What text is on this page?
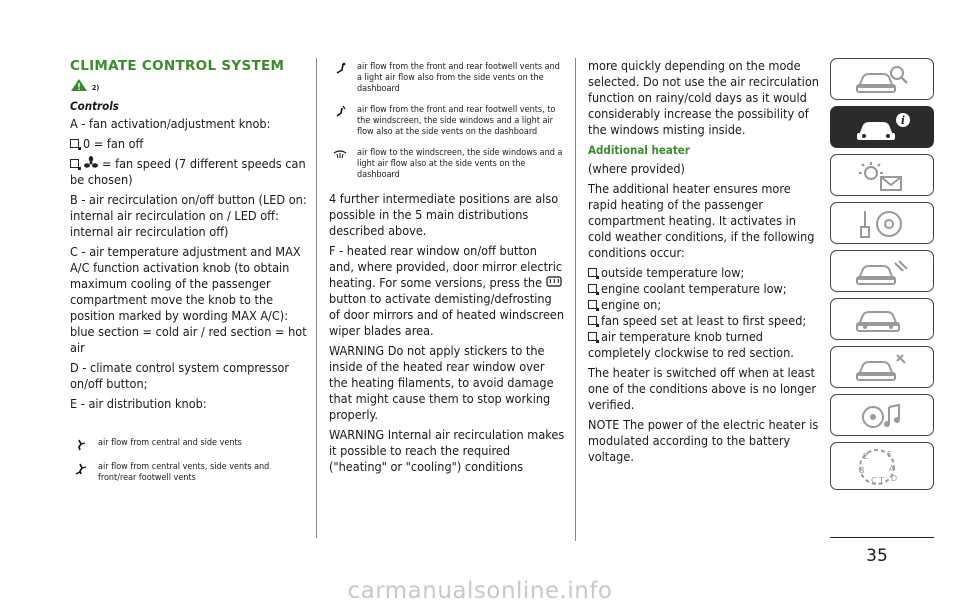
CLIMATE CONTROL SYSTEM
2)
Controls

A - fan activation/adjustment knob:

0 = fan off

= fan speed (7 different speeds can be chosen)

B - air recirculation on/off button (LED on: internal air recirculation on / LED off: internal air recirculation off)

C - air temperature adjustment and MAX A/C function activation knob (to obtain maximum cooling of the passenger compartment move the knob to the position marked by wording MAX A/C): blue section = cold air / red section = hot air

D - climate control system compressor on/off button;

E - air distribution knob:

air flow from central and side vents
air flow from central vents, side vents and front/rear footwell vents
air flow from the front and rear footwell vents and a light air flow also from the side vents on the dashboard
air flow from the front and rear footwell vents, to the windscreen, the side windows and a light air flow also at the side vents on the dashboard
air flow to the windscreen, the side windows and a light air flow also at the side vents on the dashboard

4 further intermediate positions are also possible in the 5 main distributions described above.

F - heated rear window on/off button and, where provided, door mirror electric heating. For some versions, press the  button to activate demisting/defrosting of door mirrors and of heated windscreen wiper blades area.

WARNING Do not apply stickers to the inside of the heated rear window over the heating filaments, to avoid damage that might cause them to stop working properly.

WARNING Internal air recirculation makes it possible to reach the required ("heating" or "cooling") conditions

more quickly depending on the mode selected. Do not use the air recirculation function on rainy/cold days as it would considerably increase the possibility of the windows misting inside.

Additional heater

(where provided)

The additional heater ensures more rapid heating of the passenger compartment heating. It activates in cold weather conditions, if the following conditions occur:

outside temperature low;
engine coolant temperature low;
engine on;
fan speed set at least to first speed;
air temperature knob turned completely clockwise to red section.

The heater is switched off when at least one of the conditions above is no longer verified.

NOTE The power of the electric heater is modulated according to the battery voltage.

i
Z E
B	A
C T D
35
carmanualsonline.info
